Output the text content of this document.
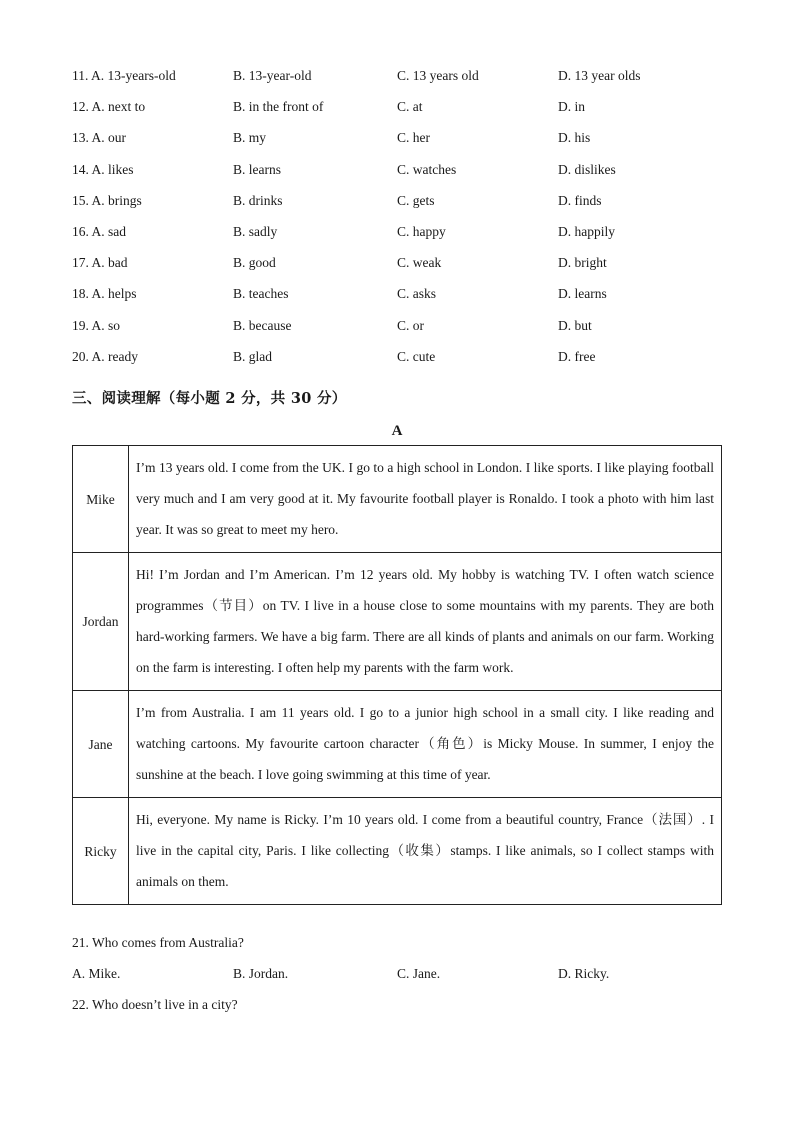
11. A. 13-years-old	B. 13-year-old	C. 13 years old	D. 13 year olds
12. A. next to	B. in the front of	C. at	D. in
13. A. our	B. my	C. her	D. his
14. A. likes	B. learns	C. watches	D. dislikes
15. A. brings	B. drinks	C. gets	D. finds
16. A. sad	B. sadly	C. happy	D. happily
17. A. bad	B. good	C. weak	D. bright
18. A. helps	B. teaches	C. asks	D. learns
19. A. so	B. because	C. or	D. but
20. A. ready	B. glad	C. cute	D. free
三、阅读理解（每小题 2 分，共 30 分）
A
Mike	I’m 13 years old. I come from the UK. I go to a high school in London. I like sports. I like playing football very much and I am very good at it. My favourite football player is Ronaldo. I took a photo with him last year. It was so great to meet my hero.
Jordan	Hi! I’m Jordan and I’m American. I’m 12 years old. My hobby is watching TV. I often watch science programmes（节目）on TV. I live in a house close to some mountains with my parents. They are both hard-working farmers. We have a big farm. There are all kinds of plants and animals on our farm. Working on the farm is interesting. I often help my parents with the farm work.
Jane	I’m from Australia. I am 11 years old. I go to a junior high school in a small city. I like reading and watching cartoons. My favourite cartoon character（角色）is Micky Mouse. In summer, I enjoy the sunshine at the beach. I love going swimming at this time of year.
Ricky	Hi, everyone. My name is Ricky. I’m 10 years old. I come from a beautiful country, France（法国）. I live in the capital city, Paris. I like collecting（收集）stamps. I like animals, so I collect stamps with animals on them.
21. Who comes from Australia?
A. Mike.	B. Jordan.	C. Jane.	D. Ricky.
22. Who doesn’t live in a city?
